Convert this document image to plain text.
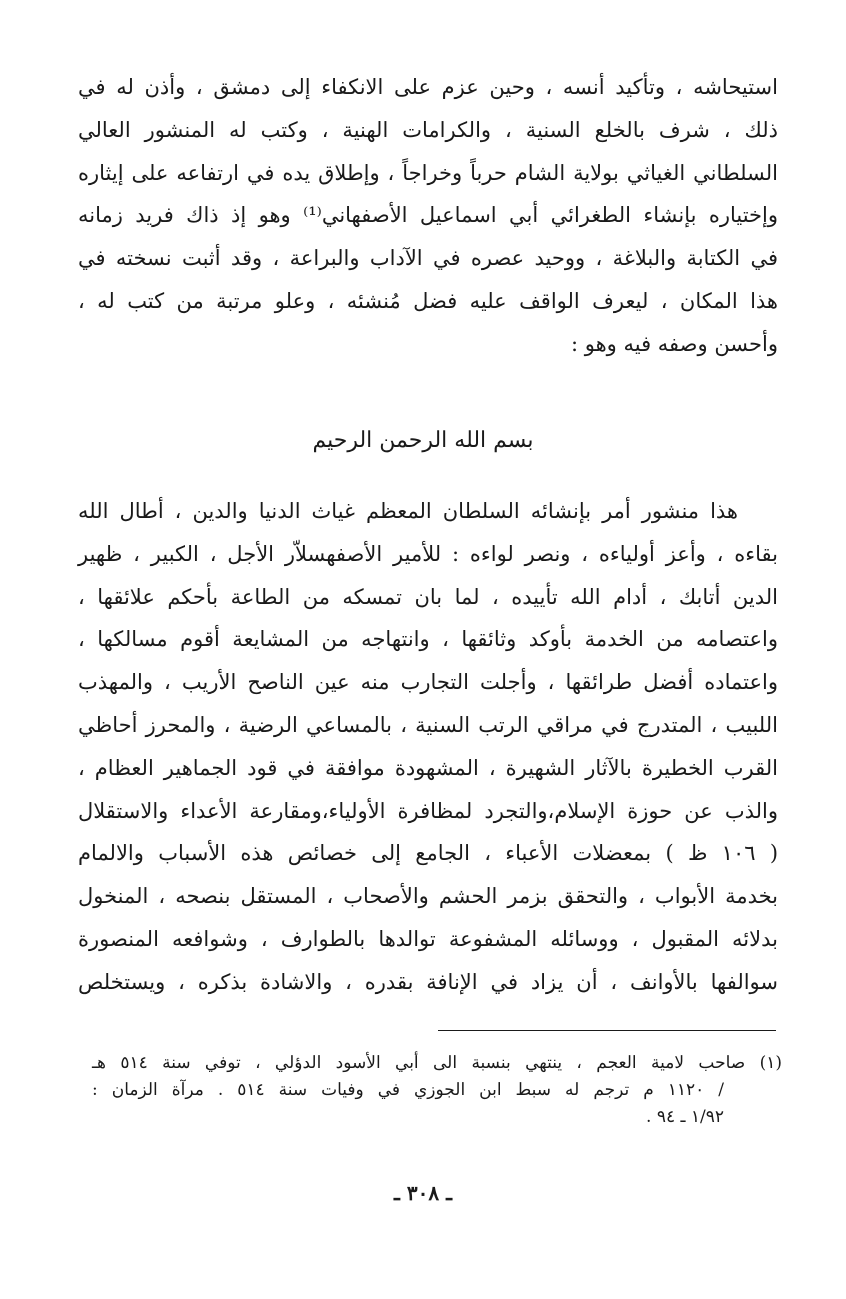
استيحاشه ، وتأكيد أنسه ، وحين عزم على الانكفاء إلى دمشق ، وأذن له في
ذلك ، شرف بالخلع السنية ، والكرامات الهنية ، وكتب له المنشور العالي
السلطاني الغياثي بولاية الشام حرباً وخراجاً ، وإطلاق يده في ارتفاعه على إيثاره
وإختياره بإنشاء الطغرائي أبي اسماعيل الأصفهاني⁽¹⁾ وهو إذ ذاك فريد زمانه
في الكتابة والبلاغة ، ووحيد عصره في الآداب والبراعة ، وقد أثبت نسخته في
هذا المكان ، ليعرف الواقف عليه فضل مُنشئه ، وعلو مرتبة من كتب له ،
وأحسن وصفه فيه وهو :
بسم الله الرحمن الرحيم
هذا منشور أمر بإنشائه السلطان المعظم غياث الدنيا والدين ، أطال الله
بقاءه ، وأعز أولياءه ، ونصر لواءه : للأمير الأصفهسلاّر الأجل ، الكبير ، ظهير
الدين أتابك ، أدام الله تأييده ، لما بان تمسكه من الطاعة بأحكم علائقها ،
واعتصامه من الخدمة بأوكد وثائقها ، وانتهاجه من المشايعة أقوم مسالكها ،
واعتماده أفضل طرائقها ، وأجلت التجارب منه عين الناصح الأريب ، والمهذب
اللبيب ، المتدرج في مراقي الرتب السنية ، بالمساعي الرضية ، والمحرز أحاظي
القرب الخطيرة بالآثار الشهيرة ، المشهودة موافقة في قود الجماهير العظام ،
والذب عن حوزة الإسلام،والتجرد لمظافرة الأولياء،ومقارعة الأعداء والاستقلال
( ١٠٦ ظ ) بمعضلات الأعباء ، الجامع إلى خصائص هذه الأسباب والالمام
بخدمة الأبواب ، والتحقق بزمر الحشم والأصحاب ، المستقل بنصحه ، المنخول
بدلائه المقبول ، ووسائله المشفوعة توالدها بالطوارف ، وشوافعه المنصورة
سوالفها بالأوانف ، أن يزاد في الإنافة بقدره ، والاشادة بذكره ، ويستخلص
(١) صاحب لامية العجم ، ينتهي بنسبة الى أبي الأسود الدؤلي ، توفي سنة ٥١٤ هـ
/ ١١٢٠ م ترجم له سبط ابن الجوزي في وفيات سنة ٥١٤ . مرآة الزمان :
١/٩٢ ـ ٩٤ .
ـ ٣٠٨ ـ
